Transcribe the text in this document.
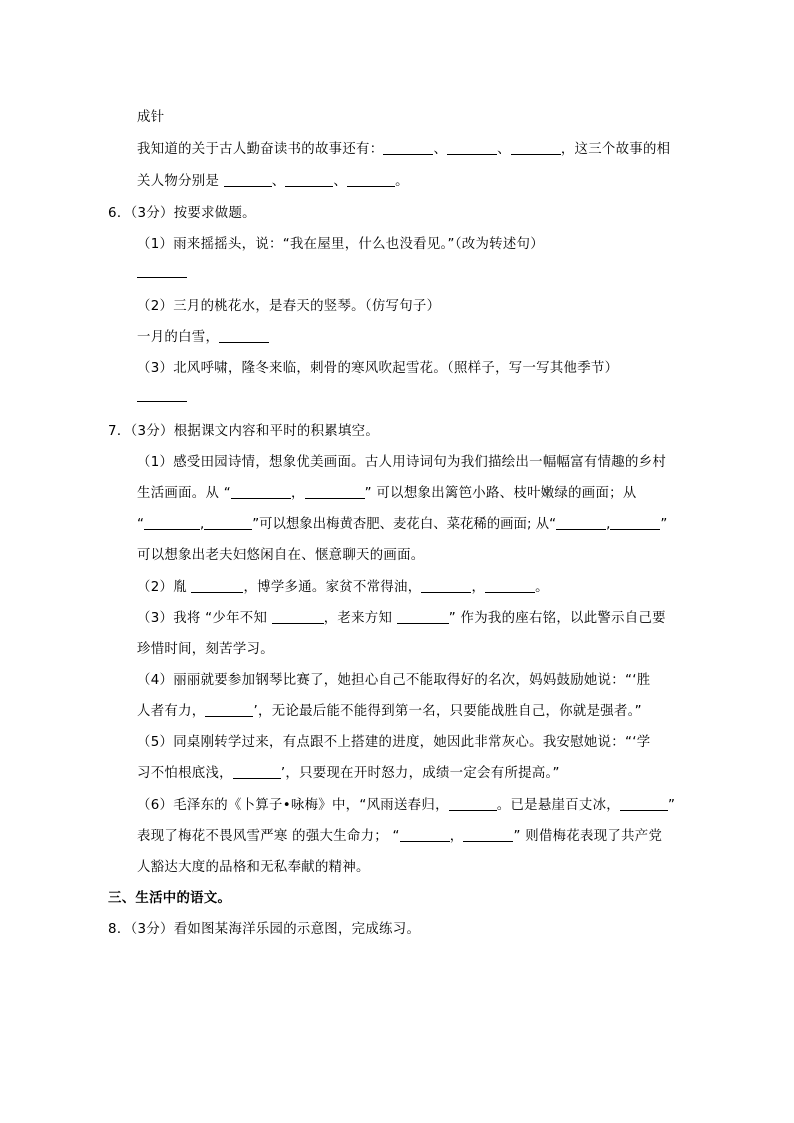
成针
我知道的关于古人勤奋读书的故事还有：	、	、	，这三个故事的相
关人物分别是	、	、	。
6．（3分）按要求做题。
（1）雨来摇摇头，说：“我在屋里，什么也没看见。”（改为转述句）
（2）三月的桃花水，是春天的竖琴。（仿写句子）
一月的白雪，
（3）北风呼啸，隆冬来临，刺骨的寒风吹起雪花。（照样子，写一写其他季节）
7．（3分）根据课文内容和平时的积累填空。
（1）感受田园诗情，想象优美画面。古人用诗词句为我们描绘出一幅幅富有情趣的乡村
生活画面。从 “	，	” 可以想象出篱笆小路、枝叶嫩绿的画面；从
“	,	”可以想象出梅黄杏肥、麦花白、菜花稀的画面; 从“	,	”
可以想象出老夫妇悠闲自在、惬意聊天的画面。
（2）胤	，博学多通。家贫不常得油，	，	。
（3）我将 “少年不知	，老来方知	” 作为我的座右铭，以此警示自己要
珍惜时间，刻苦学习。
（4）丽丽就要参加钢琴比赛了，她担心自己不能取得好的名次，妈妈鼓励她说：“‘胜
人者有力，	’，无论最后能不能得到第一名，只要能战胜自己，你就是强者。”
（5）同桌刚转学过来，有点跟不上搭建的进度，她因此非常灰心。我安慰她说：“‘学
习不怕根底浅，	’，只要现在开时怒力，成绩一定会有所提高。”
（6）毛泽东的《卜算子•咏梅》中，“风雨送春归，	。已是悬崖百丈冰，	”
表现了梅花不畏风雪严寒 的强大生命力； “	，	” 则借梅花表现了共产党
人豁达大度的品格和无私奉献的精神。
三、生活中的语文。
8．（3分）看如图某海洋乐园的示意图，完成练习。
